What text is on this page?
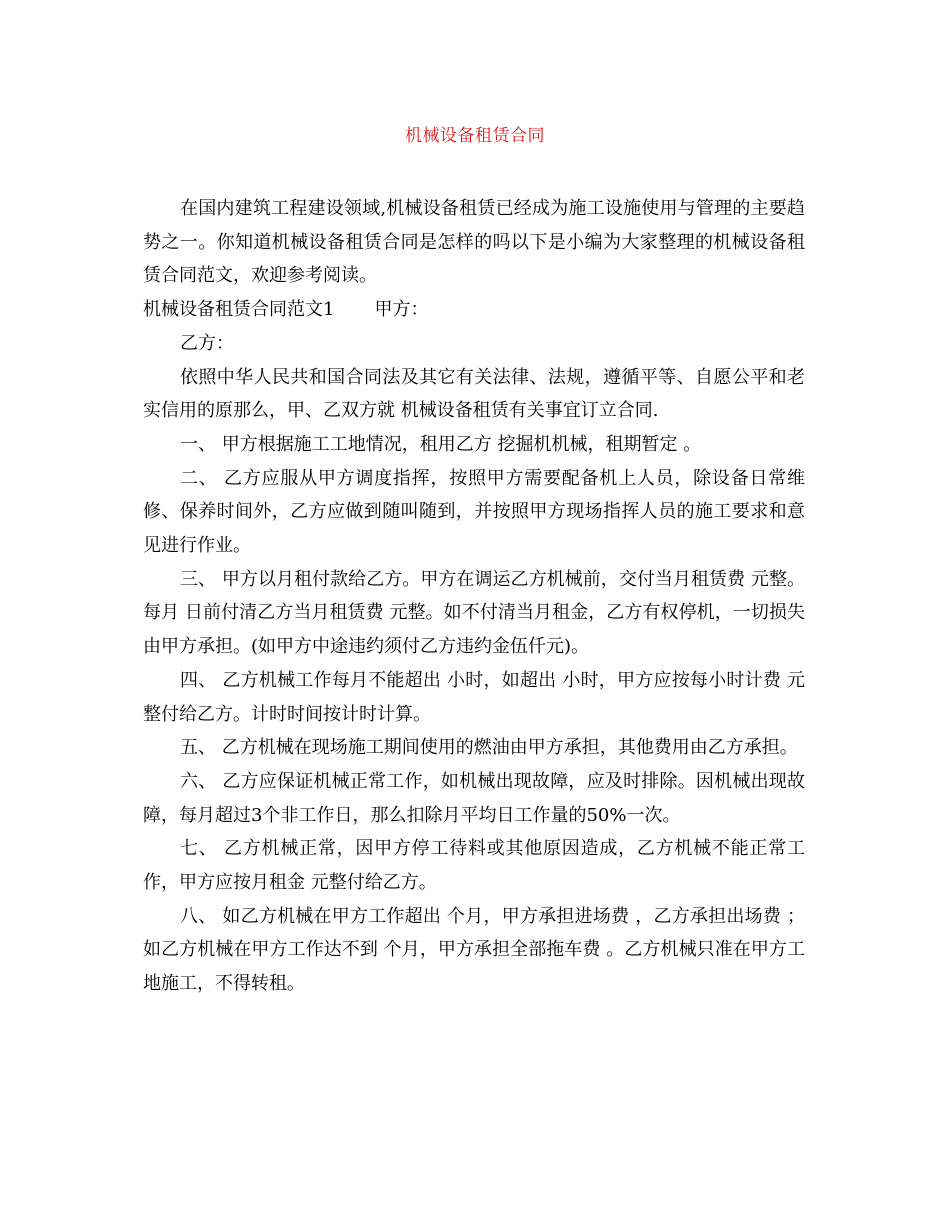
机械设备租赁合同

在国内建筑工程建设领域,机械设备租赁已经成为施工设施使用与管理的主要趋势之一。你知道机械设备租赁合同是怎样的吗以下是小编为大家整理的机械设备租赁合同范文，欢迎参考阅读。

机械设备租赁合同范文1 甲方：

乙方：

依照中华人民共和国合同法及其它有关法律、法规，遵循平等、自愿公平和老实信用的原那么，甲、乙双方就 机械设备租赁有关事宜订立合同.

一、 甲方根据施工工地情况，租用乙方 挖掘机机械，租期暂定 。

二、 乙方应服从甲方调度指挥，按照甲方需要配备机上人员，除设备日常维修、保养时间外，乙方应做到随叫随到，并按照甲方现场指挥人员的施工要求和意见进行作业。

三、 甲方以月租付款给乙方。甲方在调运乙方机械前，交付当月租赁费 元整。每月 日前付清乙方当月租赁费 元整。如不付清当月租金，乙方有权停机，一切损失由甲方承担。(如甲方中途违约须付乙方违约金伍仟元)。

四、 乙方机械工作每月不能超出 小时，如超出 小时，甲方应按每小时计费 元整付给乙方。计时时间按计时计算。

五、 乙方机械在现场施工期间使用的燃油由甲方承担，其他费用由乙方承担。

六、 乙方应保证机械正常工作，如机械出现故障，应及时排除。因机械出现故障，每月超过3个非工作日，那么扣除月平均日工作量的50%一次。

七、 乙方机械正常，因甲方停工待料或其他原因造成，乙方机械不能正常工作，甲方应按月租金 元整付给乙方。

八、 如乙方机械在甲方工作超出 个月，甲方承担进场费 ，乙方承担出场费 ；如乙方机械在甲方工作达不到 个月，甲方承担全部拖车费 。乙方机械只准在甲方工地施工，不得转租。
